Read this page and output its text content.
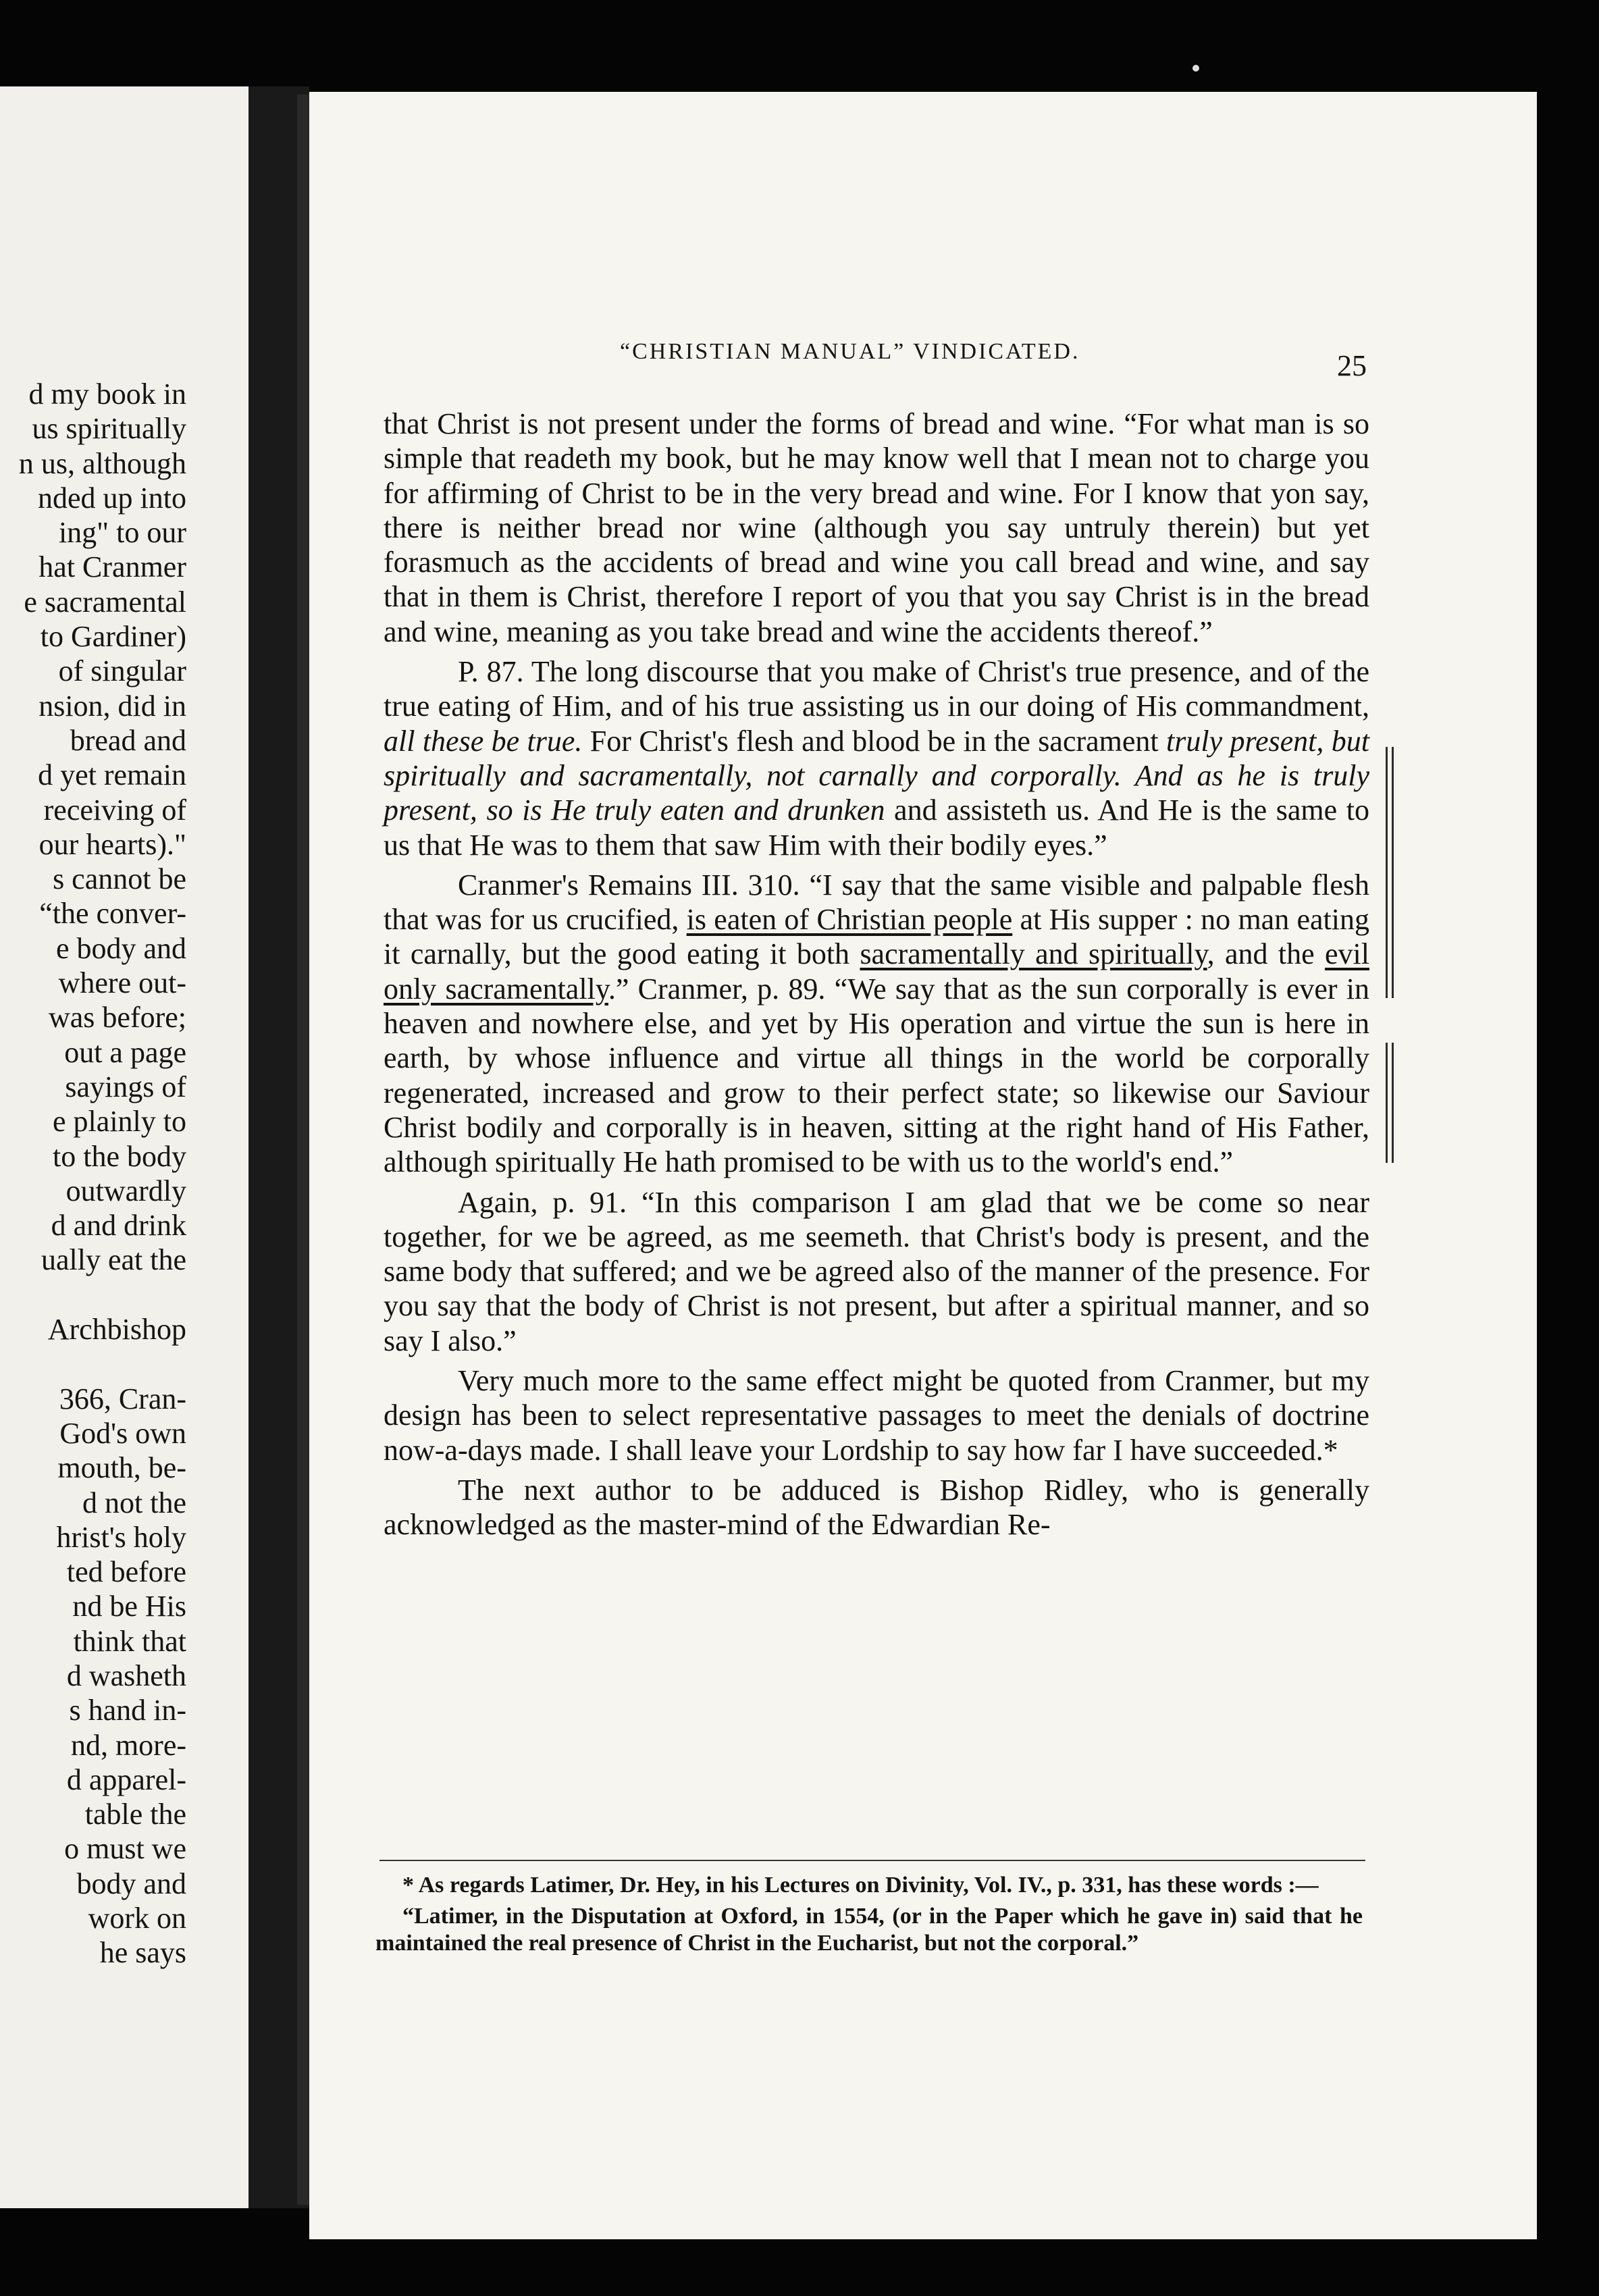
d my book in
us spiritually
n us, although
nded up into
ing" to our
hat Cranmer
e sacramental
to Gardiner)
of singular
nsion, did in
bread and
d yet remain
receiving of
our hearts)."
s cannot be
“the conver-
e body and
where out-
was before;
out a page
sayings of
e plainly to
to the body
outwardly
d and drink
ually eat the

Archbishop

366, Cran-
God's own
mouth, be-
d not the
hrist's holy
ted before
nd be His
think that
d washeth
s hand in-
nd, more-
d apparel-
table the
o must we
body and
work on
he says
“CHRISTIAN MANUAL” VINDICATED.	25

that Christ is not present under the forms of bread and wine. “For what man is so simple that readeth my book, but he may know well that I mean not to charge you for affirming of Christ to be in the very bread and wine. For I know that yon say, there is neither bread nor wine (although you say untruly therein) but yet forasmuch as the accidents of bread and wine you call bread and wine, and say that in them is Christ, therefore I report of you that you say Christ is in the bread and wine, meaning as you take bread and wine the accidents thereof.”

P. 87. The long discourse that you make of Christ's true presence, and of the true eating of Him, and of his true assisting us in our doing of His commandment, all these be true. For Christ's flesh and blood be in the sacrament truly present, but spiritually and sacramentally, not carnally and corporally. And as he is truly present, so is He truly eaten and drunken and assisteth us. And He is the same to us that He was to them that saw Him with their bodily eyes.”

Cranmer's Remains III. 310. “I say that the same visible and palpable flesh that was for us crucified, is eaten of Christian people at His supper : no man eating it carnally, but the good eating it both sacramentally and spiritually, and the evil only sacramentally.” Cranmer, p. 89. “We say that as the sun corporally is ever in heaven and nowhere else, and yet by His operation and virtue the sun is here in earth, by whose influence and virtue all things in the world be corporally regenerated, increased and grow to their perfect state; so likewise our Saviour Christ bodily and corporally is in heaven, sitting at the right hand of His Father, although spiritually He hath promised to be with us to the world's end.”

Again, p. 91. “In this comparison I am glad that we be come so near together, for we be agreed, as me seemeth. that Christ's body is present, and the same body that suffered; and we be agreed also of the manner of the presence. For you say that the body of Christ is not present, but after a spiritual manner, and so say I also.”

Very much more to the same effect might be quoted from Cranmer, but my design has been to select representative passages to meet the denials of doctrine now-a-days made. I shall leave your Lordship to say how far I have succeeded.*

The next author to be adduced is Bishop Ridley, who is generally acknowledged as the master-mind of the Edwardian Re-

* As regards Latimer, Dr. Hey, in his Lectures on Divinity, Vol. IV., p. 331, has these words :—

“Latimer, in the Disputation at Oxford, in 1554, (or in the Paper which he gave in) said that he maintained the real presence of Christ in the Eucharist, but not the corporal.”
